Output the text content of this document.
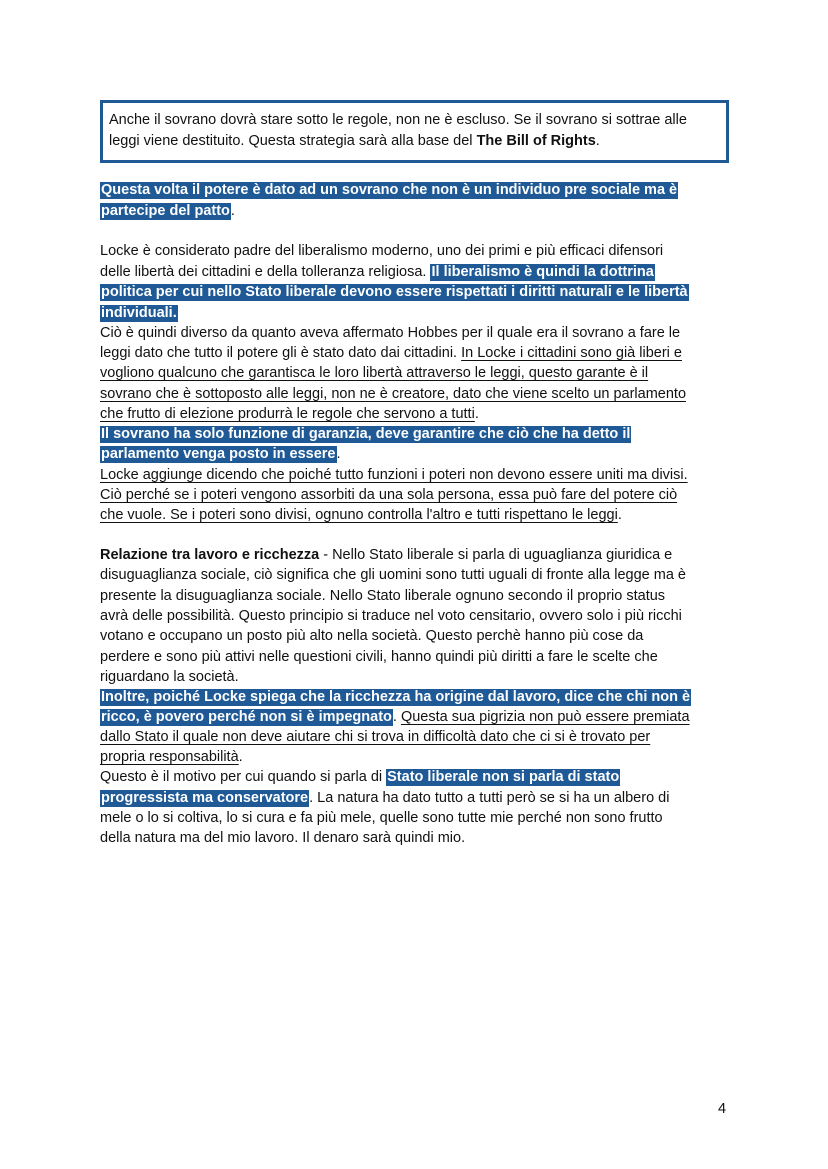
Anche il sovrano dovrà stare sotto le regole, non ne è escluso. Se il sovrano si sottrae alle
leggi viene destituito. Questa strategia sarà alla base del The Bill of Rights.
Questa volta il potere è dato ad un sovrano che non è un individuo pre sociale ma è
partecipe del patto.
Locke è considerato padre del liberalismo moderno, uno dei primi e più efficaci difensori
delle libertà dei cittadini e della tolleranza religiosa. Il liberalismo è quindi la dottrina
politica per cui nello Stato liberale devono essere rispettati i diritti naturali e le libertà
individuali.
Ciò è quindi diverso da quanto aveva affermato Hobbes per il quale era il sovrano a fare le
leggi dato che tutto il potere gli è stato dato dai cittadini. In Locke i cittadini sono già liberi e
vogliono qualcuno che garantisca le loro libertà attraverso le leggi, questo garante è il
sovrano che è sottoposto alle leggi, non ne è creatore, dato che viene scelto un parlamento
che frutto di elezione produrrà le regole che servono a tutti.
Il sovrano ha solo funzione di garanzia, deve garantire che ciò che ha detto il
parlamento venga posto in essere.
Locke aggiunge dicendo che poiché tutto funzioni i poteri non devono essere uniti ma divisi.
Ciò perché se i poteri vengono assorbiti da una sola persona, essa può fare del potere ciò
che vuole. Se i poteri sono divisi, ognuno controlla l'altro e tutti rispettano le leggi.
Relazione tra lavoro e ricchezza - Nello Stato liberale si parla di uguaglianza giuridica e
disuguaglianza sociale, ciò significa che gli uomini sono tutti uguali di fronte alla legge ma è
presente la disuguaglianza sociale. Nello Stato liberale ognuno secondo il proprio status
avrà delle possibilità. Questo principio si traduce nel voto censitario, ovvero solo i più ricchi
votano e occupano un posto più alto nella società. Questo perchè hanno più cose da
perdere e sono più attivi nelle questioni civili, hanno quindi più diritti a fare le scelte che
riguardano la società.
Inoltre, poiché Locke spiega che la ricchezza ha origine dal lavoro, dice che chi non è
ricco, è povero perché non si è impegnato. Questa sua pigrizia non può essere premiata
dallo Stato il quale non deve aiutare chi si trova in difficoltà dato che ci si è trovato per
propria responsabilità.
Questo è il motivo per cui quando si parla di Stato liberale non si parla di stato
progressista ma conservatore. La natura ha dato tutto a tutti però se si ha un albero di
mele o lo si coltiva, lo si cura e fa più mele, quelle sono tutte mie perché non sono frutto
della natura ma del mio lavoro. Il denaro sarà quindi mio.
4
